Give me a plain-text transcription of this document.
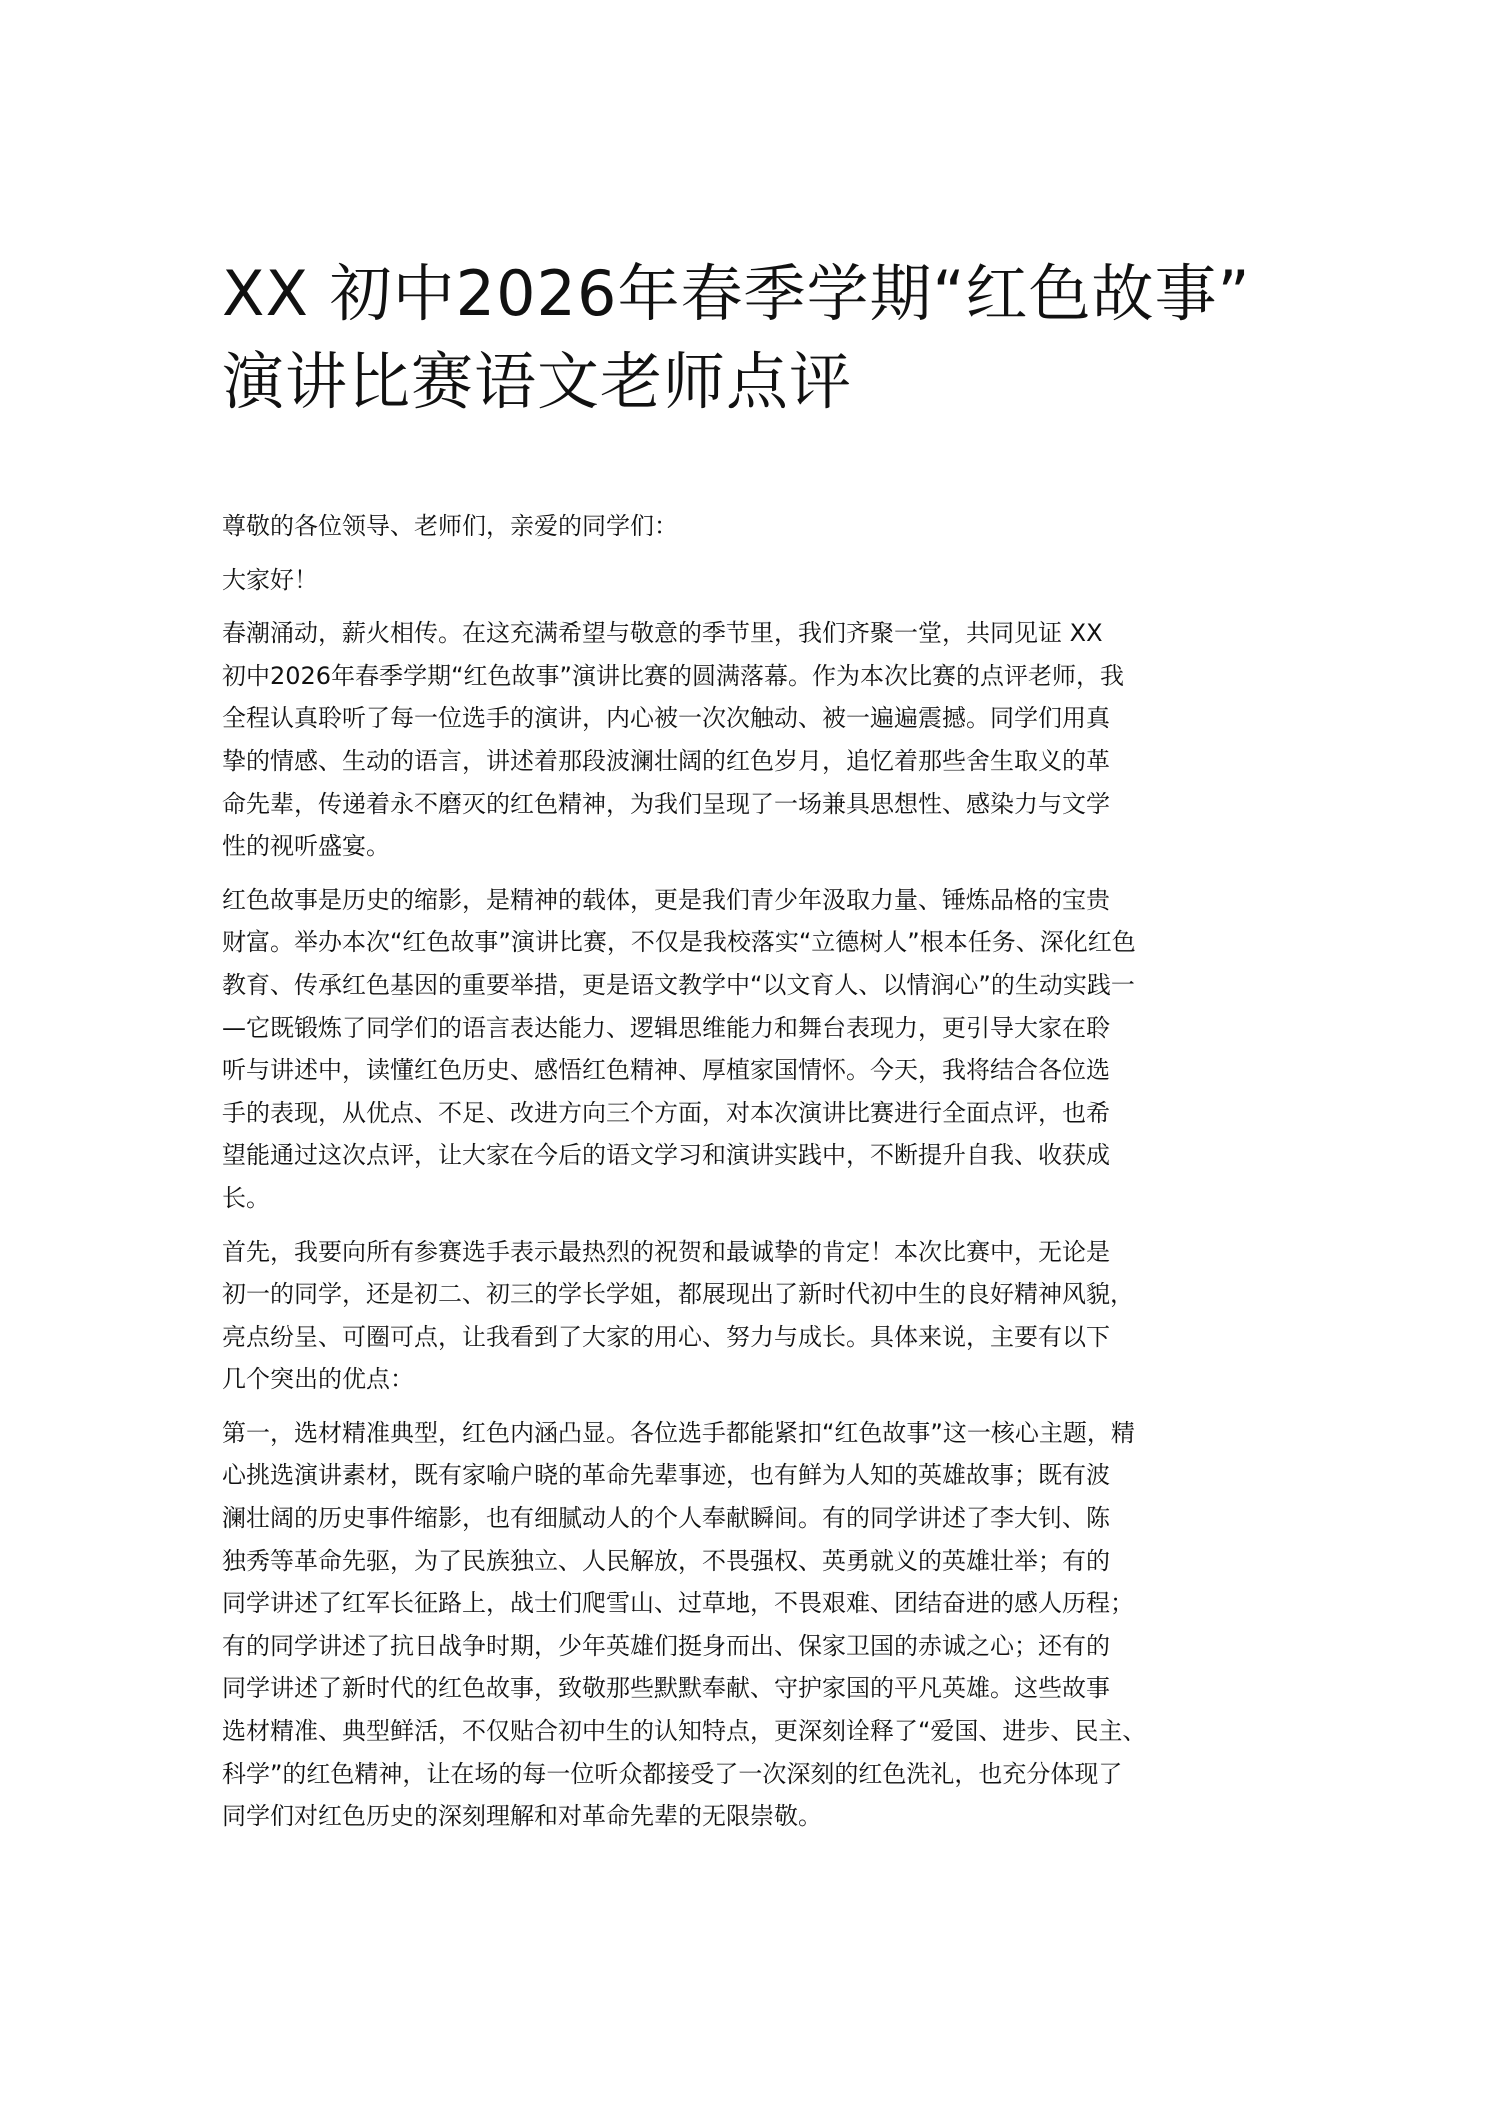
XX 初中2026年春季学期“红色故事”
演讲比赛语文老师点评

尊敬的各位领导、老师们，亲爱的同学们：

大家好！

春潮涌动，薪火相传。在这充满希望与敬意的季节里，我们齐聚一堂，共同见证 XX
初中2026年春季学期“红色故事”演讲比赛的圆满落幕。作为本次比赛的点评老师，我
全程认真聆听了每一位选手的演讲，内心被一次次触动、被一遍遍震撼。同学们用真
挚的情感、生动的语言，讲述着那段波澜壮阔的红色岁月，追忆着那些舍生取义的革
命先辈，传递着永不磨灭的红色精神，为我们呈现了一场兼具思想性、感染力与文学
性的视听盛宴。

红色故事是历史的缩影，是精神的载体，更是我们青少年汲取力量、锤炼品格的宝贵
财富。举办本次“红色故事”演讲比赛，不仅是我校落实“立德树人”根本任务、深化红色
教育、传承红色基因的重要举措，更是语文教学中“以文育人、以情润心”的生动实践一
—它既锻炼了同学们的语言表达能力、逻辑思维能力和舞台表现力，更引导大家在聆
听与讲述中，读懂红色历史、感悟红色精神、厚植家国情怀。今天，我将结合各位选
手的表现，从优点、不足、改进方向三个方面，对本次演讲比赛进行全面点评，也希
望能通过这次点评，让大家在今后的语文学习和演讲实践中，不断提升自我、收获成
长。

首先，我要向所有参赛选手表示最热烈的祝贺和最诚挚的肯定！本次比赛中，无论是
初一的同学，还是初二、初三的学长学姐，都展现出了新时代初中生的良好精神风貌，
亮点纷呈、可圈可点，让我看到了大家的用心、努力与成长。具体来说，主要有以下
几个突出的优点：

第一，选材精准典型，红色内涵凸显。各位选手都能紧扣“红色故事”这一核心主题，精
心挑选演讲素材，既有家喻户晓的革命先辈事迹，也有鲜为人知的英雄故事；既有波
澜壮阔的历史事件缩影，也有细腻动人的个人奉献瞬间。有的同学讲述了李大钊、陈
独秀等革命先驱，为了民族独立、人民解放，不畏强权、英勇就义的英雄壮举；有的
同学讲述了红军长征路上，战士们爬雪山、过草地，不畏艰难、团结奋进的感人历程；
有的同学讲述了抗日战争时期，少年英雄们挺身而出、保家卫国的赤诚之心；还有的
同学讲述了新时代的红色故事，致敬那些默默奉献、守护家国的平凡英雄。这些故事
选材精准、典型鲜活，不仅贴合初中生的认知特点，更深刻诠释了“爱国、进步、民主、
科学”的红色精神，让在场的每一位听众都接受了一次深刻的红色洗礼，也充分体现了
同学们对红色历史的深刻理解和对革命先辈的无限崇敬。
